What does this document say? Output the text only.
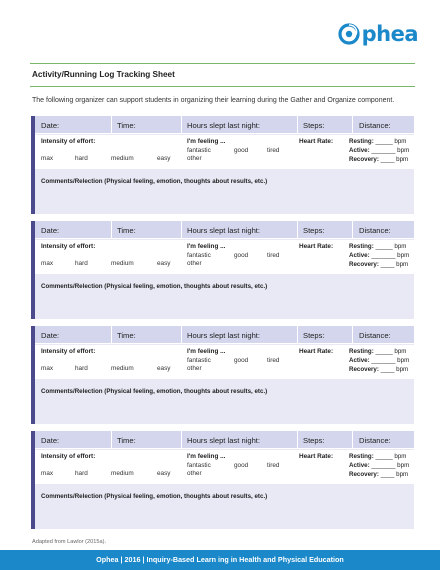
phea
Activity/Running Log Tracking Sheet
The following organizer can support students in organizing their learning during the Gather and Organize component.
Date:	Time:	Hours slept last night:	Steps:	Distance:
Intensity of effort:
max	hard	medium	easy
I'm feeling ...
fantastic	good	tired
other
Heart Rate:	Resting: _____ bpm
Active: _______ bpm
Recovery: ____ bpm
Comments/Relection (Physical feeling, emotion, thoughts about results, etc.)
Date:	Time:	Hours slept last night:	Steps:	Distance:
Intensity of effort:
max	hard	medium	easy
I'm feeling ...
fantastic	good	tired
other
Heart Rate:	Resting: _____ bpm
Active: _______ bpm
Recovery: ____ bpm
Comments/Relection (Physical feeling, emotion, thoughts about results, etc.)
Date:	Time:	Hours slept last night:	Steps:	Distance:
Intensity of effort:
max	hard	medium	easy
I'm feeling ...
fantastic	good	tired
other
Heart Rate:	Resting: _____ bpm
Active: _______ bpm
Recovery: ____ bpm
Comments/Relection (Physical feeling, emotion, thoughts about results, etc.)
Date:	Time:	Hours slept last night:	Steps:	Distance:
Intensity of effort:
max	hard	medium	easy
I'm feeling ...
fantastic	good	tired
other
Heart Rate:	Resting: _____ bpm
Active: _______ bpm
Recovery: ____ bpm
Comments/Relection (Physical feeling, emotion, thoughts about results, etc.)
Adapted from Lawlor (2015a).
Ophea | 2016 | Inquiry-Based Learn ing in Health and Physical Education
